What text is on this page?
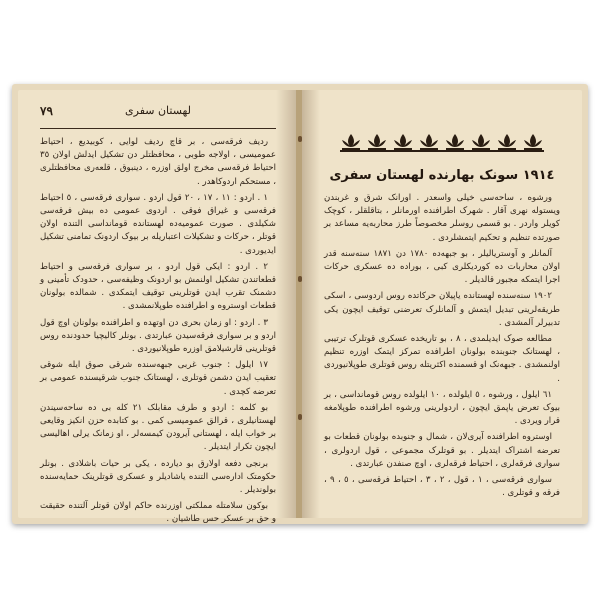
٧٩	لهستان سفری

ردیف فرقه‌سی ، بر قاچ ردیف لوایی ، کوبیدیع ، احتیاط عمومیسی ، اولاجه طوبی ، محافظتلر دن تشکیل ایدلش اولان ٣٥ احتیاط فرقه‌سی مخرج اولق اوزره ، دینبوق ، قلعه‌ری محافظتلری ، مستحکم اردوکاهدر .

١ . اردو : ١١ ، ١٧ ، ٢٠ قول اردو . سواری فرقه‌سی ، ٥ احتیاط فرقه‌سی و غیراق فوقی . اردوی عمومی ده بیش فرقه‌سی شکیلدی . صورت عمومیه‌ده لهستانده قومانداسی التنده اولان قوتلر ، حرکات و تشکیلات اعتباریله بر بیوک اردونک تمامنی تشکیل ایدیوردی .

٢ . اردو : ایکی قول اردو ، بر سواری فرقه‌سی و احتیاط قطعاتندن تشکیل اولنمش بو اردونک وظیفه‌سی ، حدودک تأمینی و دشمنک تقرب ایدن قوتلرینی توقیف ایتمکدی . شمالده بولونان قطعات اوستروه و اطرافنده طوپلانمشدی .

٣ . اردو : او زمان بحری دن اوتهده و اطرافنده بولونان اوچ قول اردو و بر سواری فرقه‌سیدن عبارتدی . بونلر کالیچیا حدودنده روس قوتلرینی قارشیلامق اوزره طوپلانیوردی .

١٧ ایلول : جنوب غربی جبهه‌سنده شرقی صوق ایله شوقی تعقیب ایدن دشمن قوتلری ، لهستانک جنوب شرقیسنده عمومی بر تعرضه کچدی .

بو کلمه : اردو و طرف مقابلک ٢١ کله بی ده ساحه‌سیندن لهستانیلری ، قرالق عمومیسی کمی . بو کتابده حزن انکیز وقایعی بر خواب ایله ، لهستانی آیرودن کیمسه‌لر ، او زمانک یرلی اهالیسی ایچون تکرار ایتدیلر .

برنجی دفعه اولارق بو دیارده ، یکی بر حیات باشلادی . بونلر حکومتک اداره‌سی التنده یاشادیلر و عسکری قوتلرینک حمایه‌سنده بولوندیلر .

بوکون سلامتله مملکتی اوزرنده حاکم اولان قوتلر آلتنده حقیقت و حق بر عسکر حس طاشیان .

١٩١٤ سونک بهارنده لهستان سفری

ورشوه ، ساحه‌سی خیلی واسعدر . اورانک شرق و غربندن ویستوله نهری آقار . شهرک اطرافنده اورمانلر ، بتاقلقلر ، کوچک کویلر واردر . بو قسمی روسلر مخصوصاً طرز محاربه‌یه مساعد بر صورتده تنظیم و تحکیم ایتمشلردی .

آلمانلر و آوستریالیلر ، بو جبهه‌ده ١٧٨٠ دن ١٨٧١ سنه‌سنه قدر اولان محاربات ده کوردیکلری کبی ، بوراده ده عسکری حرکات اجرا ایتمکه مجبور قالدیلر .

١٩٠٢ سنه‌سنده لهستانده یاپیلان حرکاتده روس اردوسی ، اسکی طریقه‌لرینی تبدیل ایتمش و آلمانلرک تعرضنی توقیف ایچون یکی تدبیرلر آلمشدی .

مطالعه صوک ایدیلمدی ، ٨ ، بو تاریخده عسکری قوتلرک ترتیبی ، لهستانک جنوبنده بولونان اطرافده تمرکز ایتمک اوزره تنظیم اولنمشدی . جبهه‌نک او قسمنده اکثریتله روس قوتلری طوپلانیوردی .

٦١ ایلول ، ورشوه ، ٥ ایلولده ، ١٠ ایلولده روس قومانداسی ، بر بیوک تعرض یاپمق ایچون ، اردولرینی ورشوه اطرافنده طوپلامغه قرار ویردی .

اوستروه اطرافنده آیری‌لان ، شمال و جنوبده بولونان قطعات بو تعرضه اشتراک ایتدیلر . بو قوتلرک مجموعی ، قول اردولری ، سواری فرقه‌لری ، احتیاط فرقه‌لری ، اوچ صنفدن عبارتدی .

سواری فرقه‌سی ، ١ ، قول ، ٢ ، ٣ ، احتیاط فرقه‌سی ، ٥ ، ٩ ، فرقه و قوتلری .
